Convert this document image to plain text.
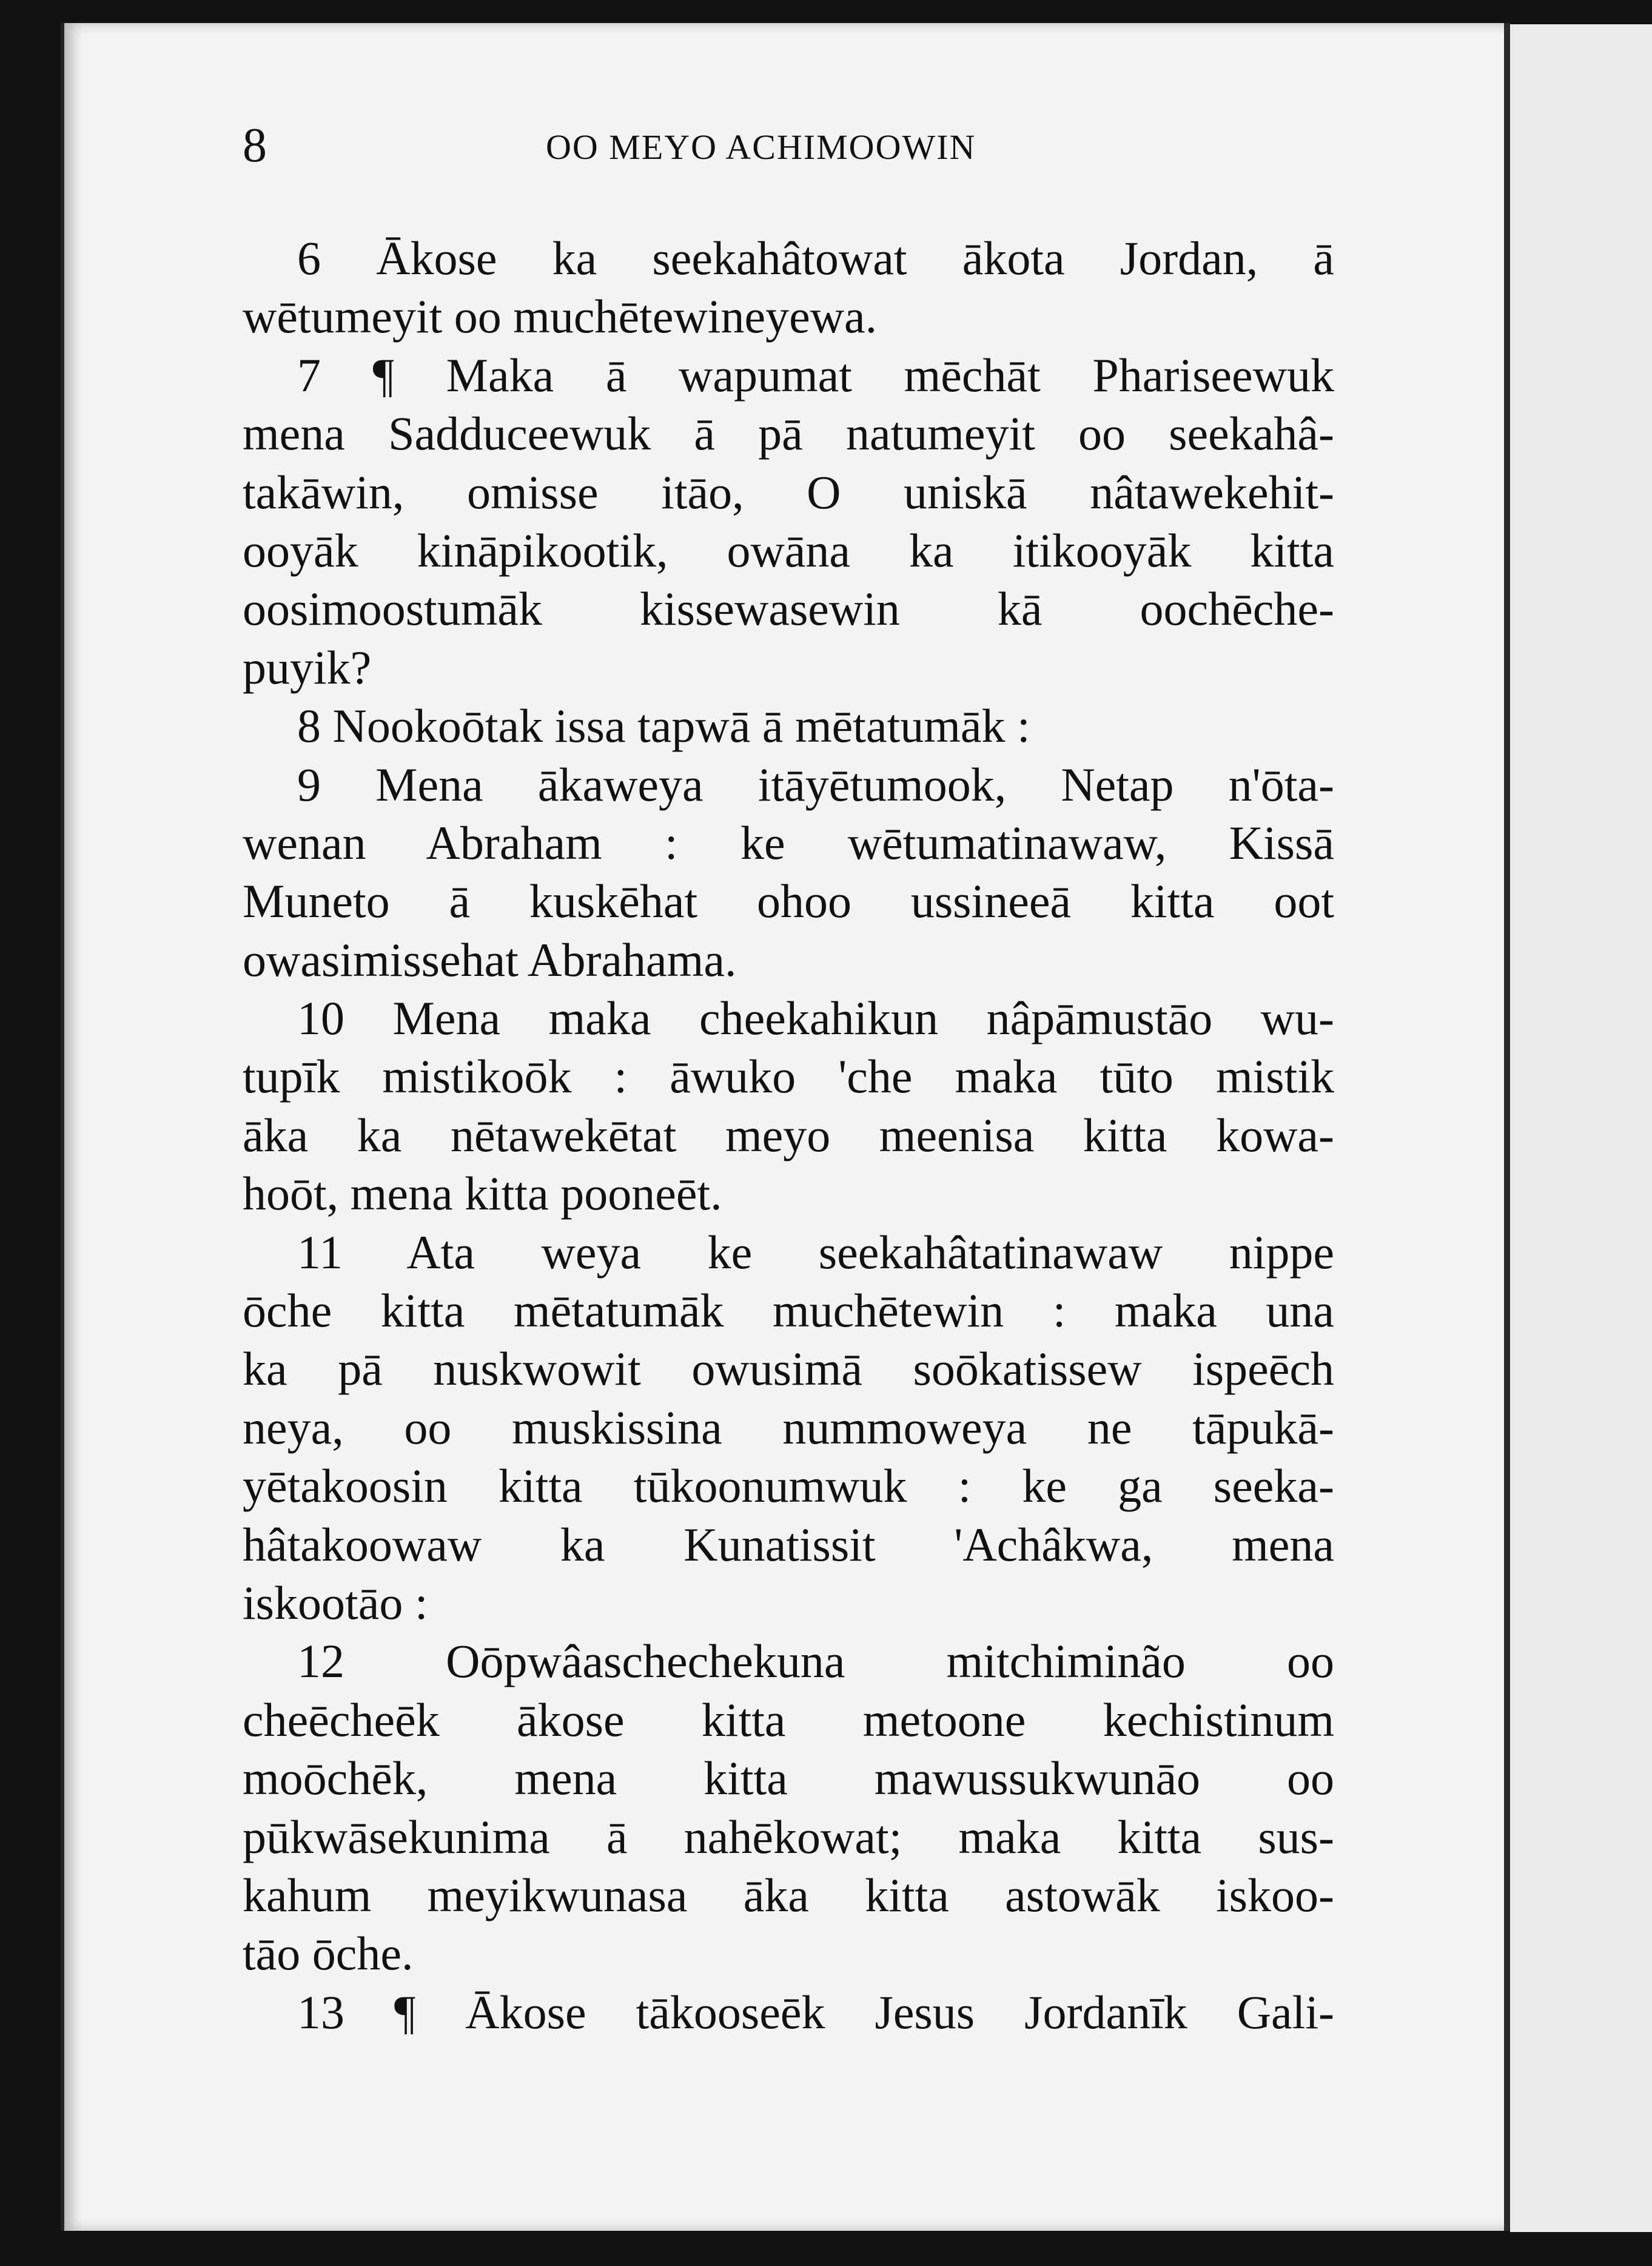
8	OO MEYO ACHIMOOWIN
6 Ākose ka seekahâtowat ākota Jordan, ā
wētumeyit oo muchētewineyewa.
7 ¶ Maka ā wapumat mēchāt Phariseewuk
mena Sadduceewuk ā pā natumeyit oo seekahâ-
takāwin, omisse itāo, O uniskā nâtawekehit-
ooyāk kināpikootik, owāna ka itikooyāk kitta
oosimoostumāk kissewasewin kā oochēche-
puyik?
8 Nookoōtak issa tapwā ā mētatumāk :
9 Mena ākaweya itāyētumook, Netap n'ōta-
wenan Abraham : ke wētumatinawaw, Kissā
Muneto ā kuskēhat ohoo ussineeā kitta oot
owasimissehat Abrahama.
10 Mena maka cheekahikun nâpāmustāo wu-
tupīk mistikoōk : āwuko 'che maka tūto mistik
āka ka nētawekētat meyo meenisa kitta kowa-
hoōt, mena kitta pooneēt.
11 Ata weya ke seekahâtatinawaw nippe
ōche kitta mētatumāk muchētewin : maka una
ka pā nuskwowit owusimā soōkatissew ispeēch
neya, oo muskissina nummoweya ne tāpukā-
yētakoosin kitta tūkoonumwuk : ke ga seeka-
hâtakoowaw ka Kunatissit 'Achâkwa, mena
iskootāo :
12 Oōpwâaschechekuna mitchiminão oo
cheēcheēk ākose kitta metoone kechistinum
moōchēk, mena kitta mawussukwunāo oo
pūkwāsekunima ā nahēkowat; maka kitta sus-
kahum meyikwunasa āka kitta astowāk iskoo-
tāo ōche.
13 ¶ Ākose tākooseēk Jesus Jordanīk Gali-
